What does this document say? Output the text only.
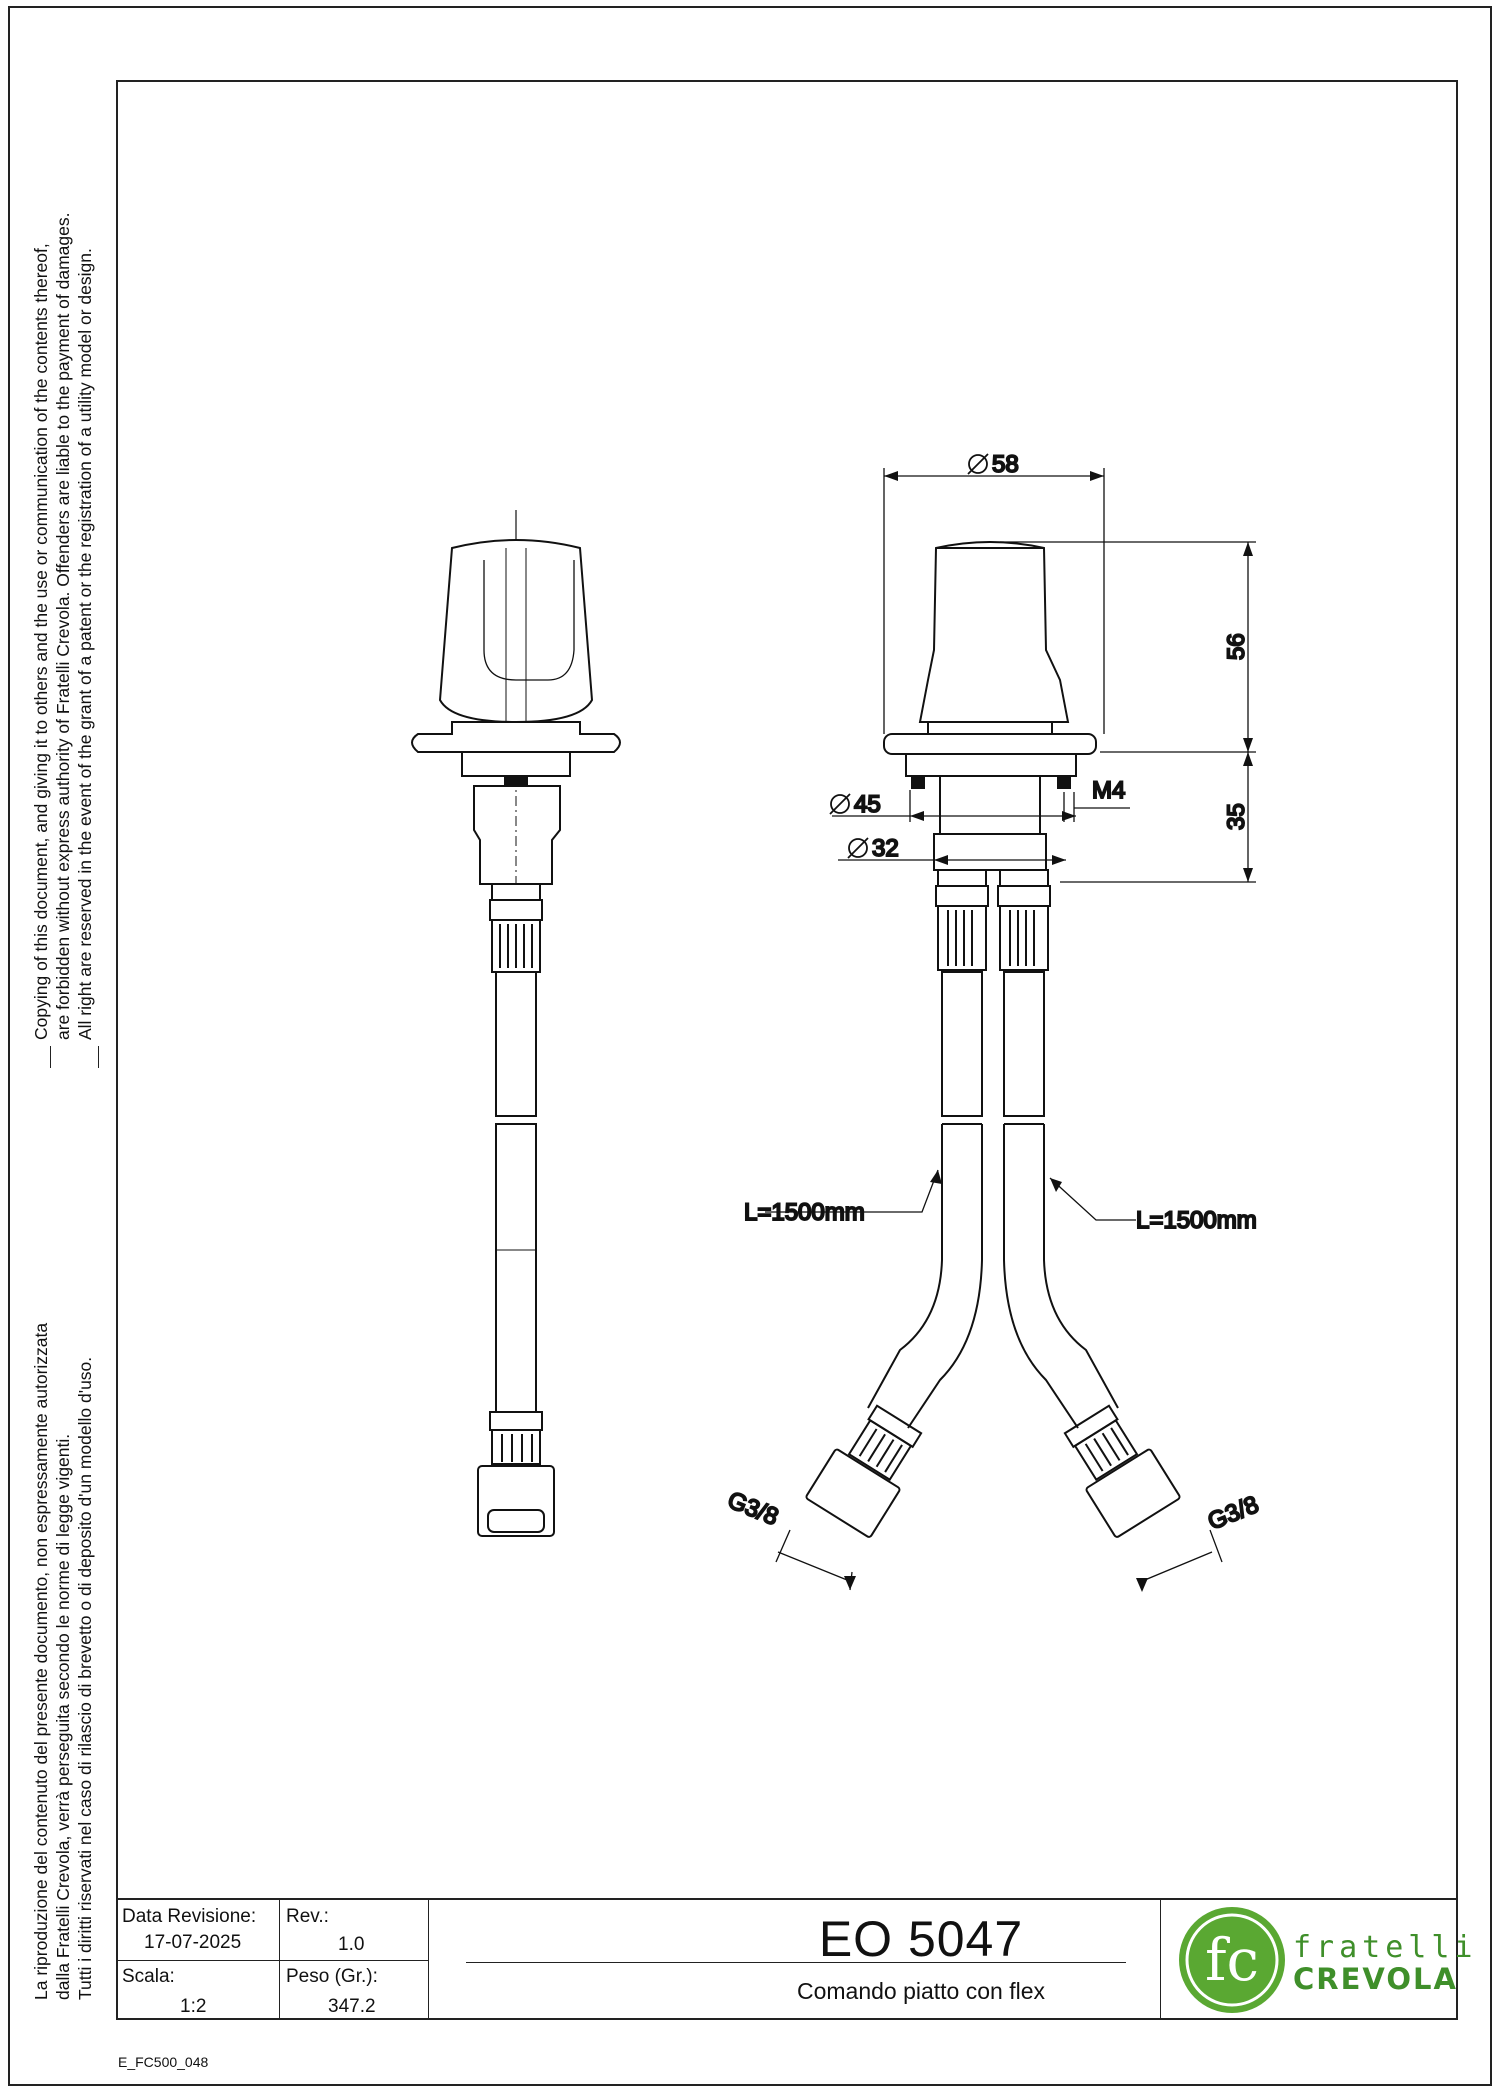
Copying of this document, and giving it to others and the use or communication of the contents thereof, are forbidden without express authority of Fratelli Crevola. Offenders are liable to the payment of damages. All right are reserved in the event of the grant of a patent or the registration of a utility model or design.
La riproduzione del contenuto del presente documento, non espressamente autorizzata dalla Fratelli Crevola, verrà perseguita secondo le norme di legge vigenti. Tutti i diritti riservati nel caso di rilascio di brevetto o di deposito d'un modello d'uso.
58
56
35
45
32
M4
L=1500mm	L=1500mm
G3/8	G3/8
Data Revisione:
17-07-2025
Rev.:
1.0
Scala:
1:2
Peso (Gr.):
347.2
EO 5047
Comando piatto con flex	fc fratelli
CREVOLA
E_FC500_048
